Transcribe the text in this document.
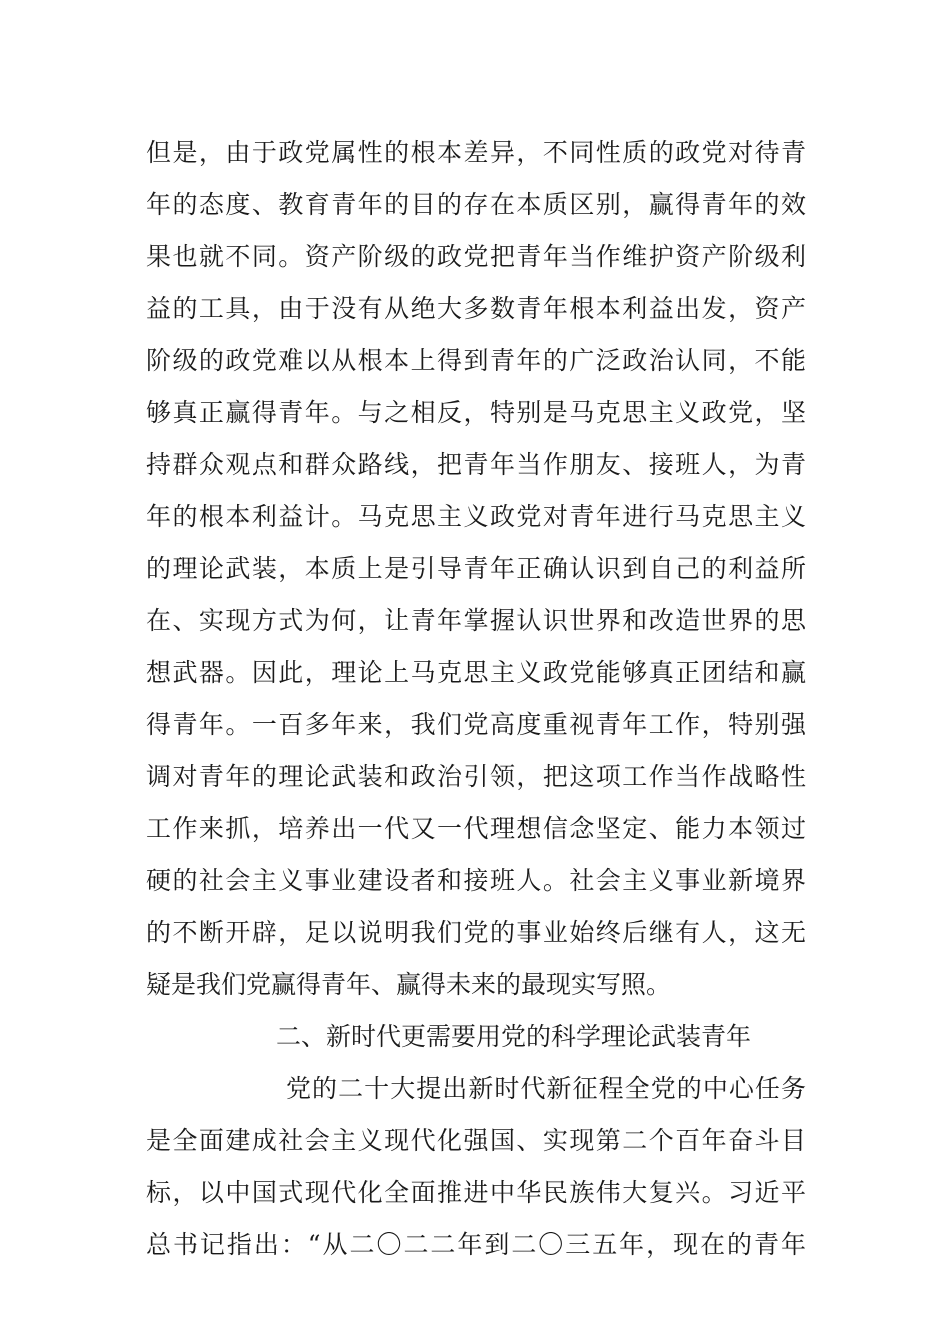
但是，由于政党属性的根本差异，不同性质的政党对待青
年的态度、教育青年的目的存在本质区别，赢得青年的效
果也就不同。资产阶级的政党把青年当作维护资产阶级利
益的工具，由于没有从绝大多数青年根本利益出发，资产
阶级的政党难以从根本上得到青年的广泛政治认同，不能
够真正赢得青年。与之相反，特别是马克思主义政党，坚
持群众观点和群众路线，把青年当作朋友、接班人，为青
年的根本利益计。马克思主义政党对青年进行马克思主义
的理论武装，本质上是引导青年正确认识到自己的利益所
在、实现方式为何，让青年掌握认识世界和改造世界的思
想武器。因此，理论上马克思主义政党能够真正团结和赢
得青年。一百多年来，我们党高度重视青年工作，特别强
调对青年的理论武装和政治引领，把这项工作当作战略性
工作来抓，培养出一代又一代理想信念坚定、能力本领过
硬的社会主义事业建设者和接班人。社会主义事业新境界
的不断开辟，足以说明我们党的事业始终后继有人，这无
疑是我们党赢得青年、赢得未来的最现实写照。
二、新时代更需要用党的科学理论武装青年
党的二十大提出新时代新征程全党的中心任务
是全面建成社会主义现代化强国、实现第二个百年奋斗目
标，以中国式现代化全面推进中华民族伟大复兴。习近平
总书记指出：“从二〇二二年到二〇三五年，现在的青年
